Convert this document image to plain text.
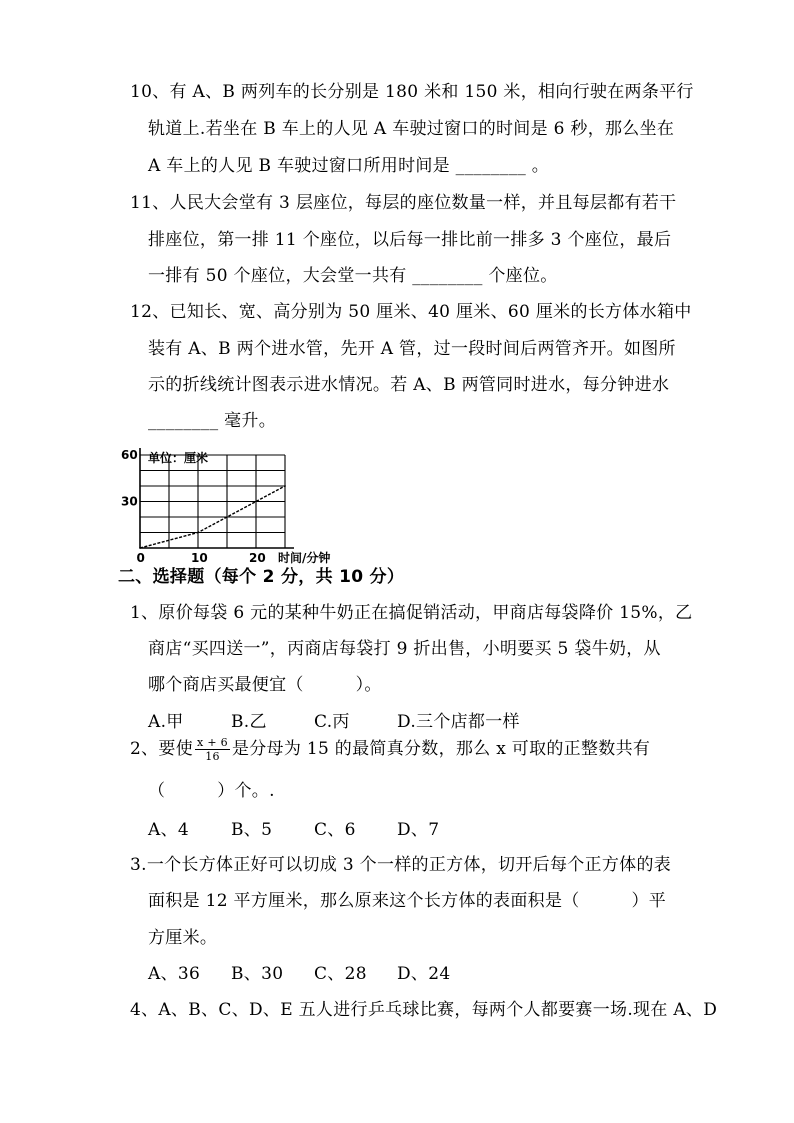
10、有 A、B 两列车的长分别是 180 米和 150 米，相向行驶在两条平行
轨道上.若坐在 B 车上的人见 A 车驶过窗口的时间是 6 秒，那么坐在
A 车上的人见 B 车驶过窗口所用时间是 ________ 。
11、人民大会堂有 3 层座位，每层的座位数量一样，并且每层都有若干
排座位，第一排 11 个座位，以后每一排比前一排多 3 个座位，最后
一排有 50 个座位，大会堂一共有 ________ 个座位。
12、已知长、宽、高分别为 50 厘米、40 厘米、60 厘米的长方体水箱中
装有 A、B 两个进水管，先开 A 管，过一段时间后两管齐开。如图所
示的折线统计图表示进水情况。若 A、B 两管同时进水，每分钟进水
________ 毫升。
单位：厘米
时间/分钟
0	10	20
30
60
二、选择题（每个 2 分，共 10 分）
1、原价每袋 6 元的某种牛奶正在搞促销活动，甲商店每袋降价 15%，乙
商店“买四送一”，丙商店每袋打 9 折出售，小明要买 5 袋牛奶，从
哪个商店买最便宜（　　　）。
A.甲	B.乙	C.丙	D.三个店都一样
2、要使 $\frac{x + 6}{16}$ 是分母为 15 的最简真分数，那么 x 可取的正整数共有
（　　　）个。.
A、4 B、5 C、6 D、7
3.一个长方体正好可以切成 3 个一样的正方体，切开后每个正方体的表
面积是 12 平方厘米，那么原来这个长方体的表面积是（　　　）平
方厘米。
A、36 B、30 C、28 D、24
4、A、B、C、D、E 五人进行乒乓球比赛，每两个人都要赛一场.现在 A、D
